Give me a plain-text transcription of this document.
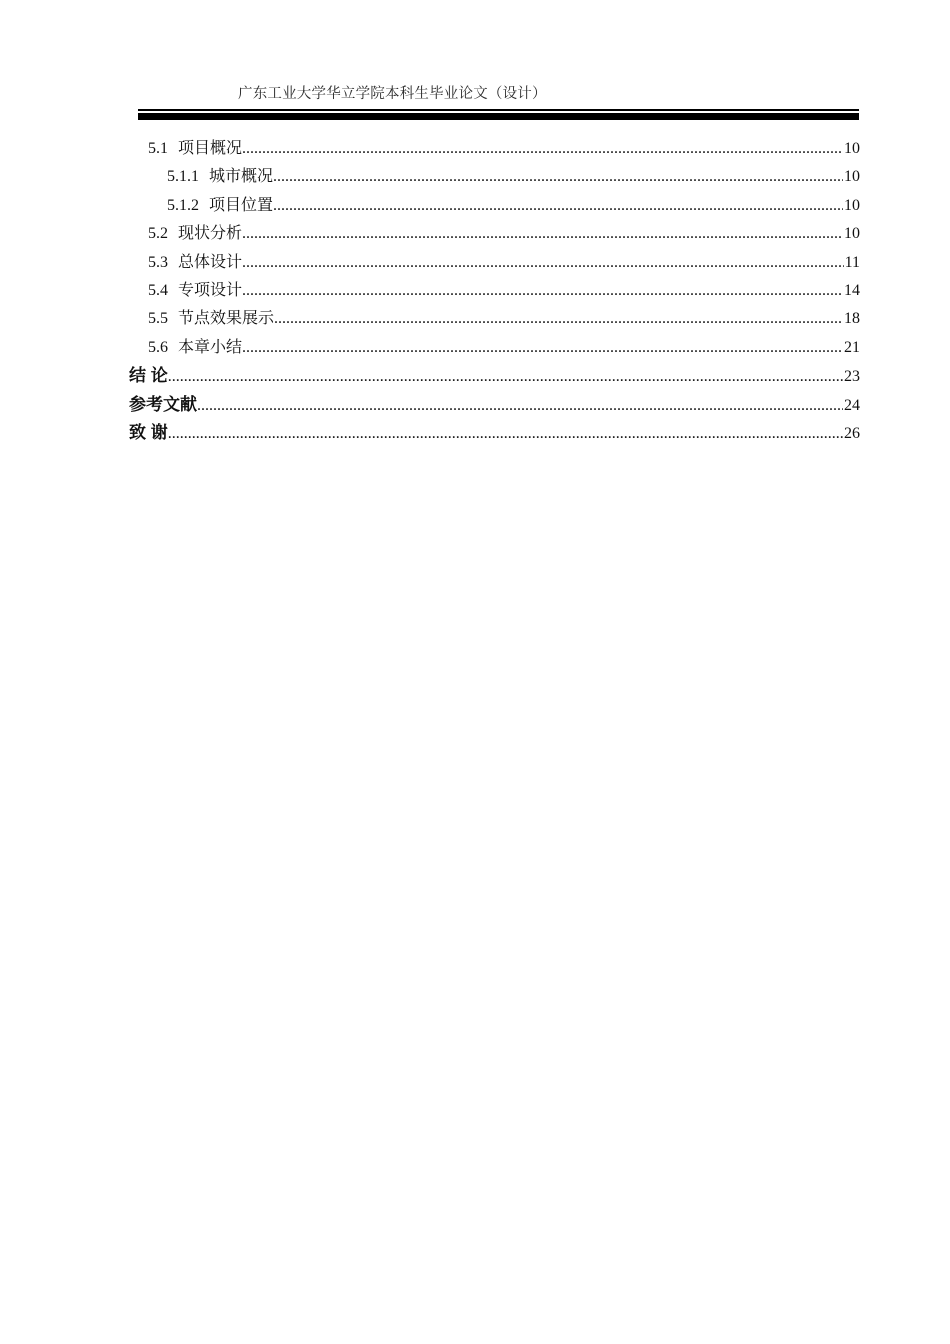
广东工业大学华立学院本科生毕业论文（设计）
5.1 项目概况 .....	10
5.1.1 城市概况 .....	10
5.1.2 项目位置 .....	10
5.2 现状分析 .....	10
5.3 总体设计 .....	11
5.4 专项设计 .....	14
5.5 节点效果展示 .....	18
5.6 本章小结 .....	21
结 论 .....	23
参考文献 .....	24
致 谢 .....	26
